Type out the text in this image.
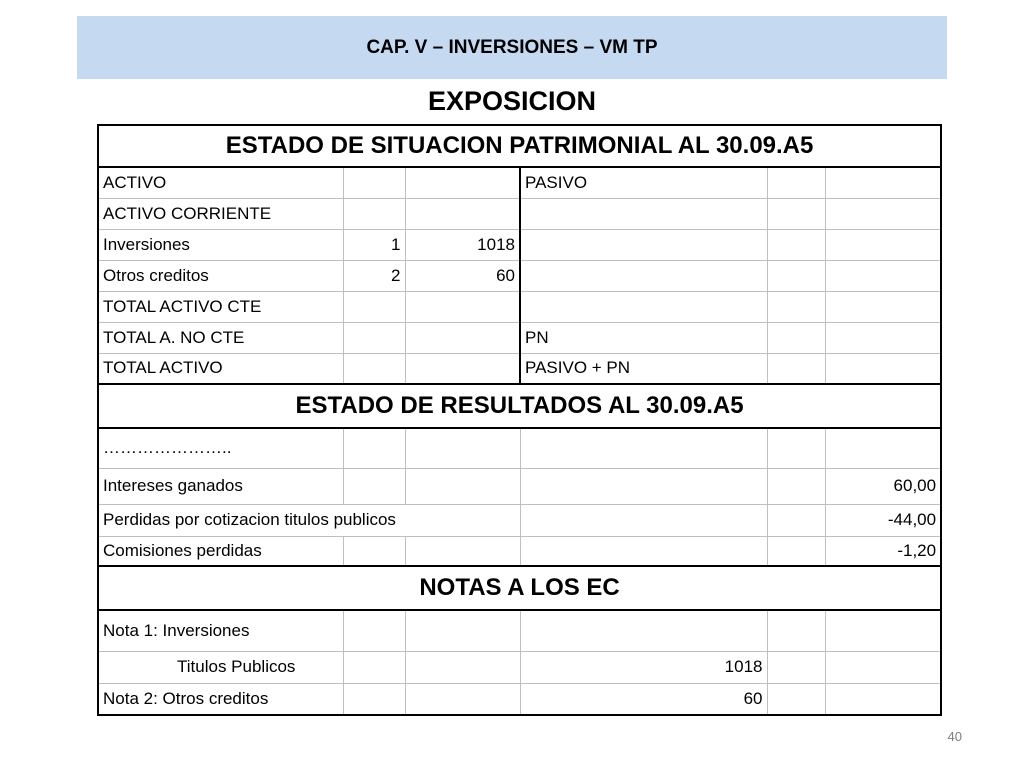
CAP. V – INVERSIONES – VM TP
EXPOSICION
ESTADO DE SITUACION PATRIMONIAL AL 30.09.A5					
ACTIVO			PASIVO		
ACTIVO CORRIENTE					
Inversiones	1	1018			
Otros creditos	2	60			
TOTAL ACTIVO CTE					
TOTAL A. NO CTE			PN		
TOTAL ACTIVO			PASIVO + PN		
ESTADO DE RESULTADOS AL 30.09.A5					
…………………..					
Intereses ganados					60,00
Perdidas por cotizacion titulos publicos					-44,00
Comisiones perdidas					-1,20
NOTAS A LOS EC					
Nota 1: Inversiones					
Titulos Publicos			1018		
Nota 2: Otros creditos			60		
40
